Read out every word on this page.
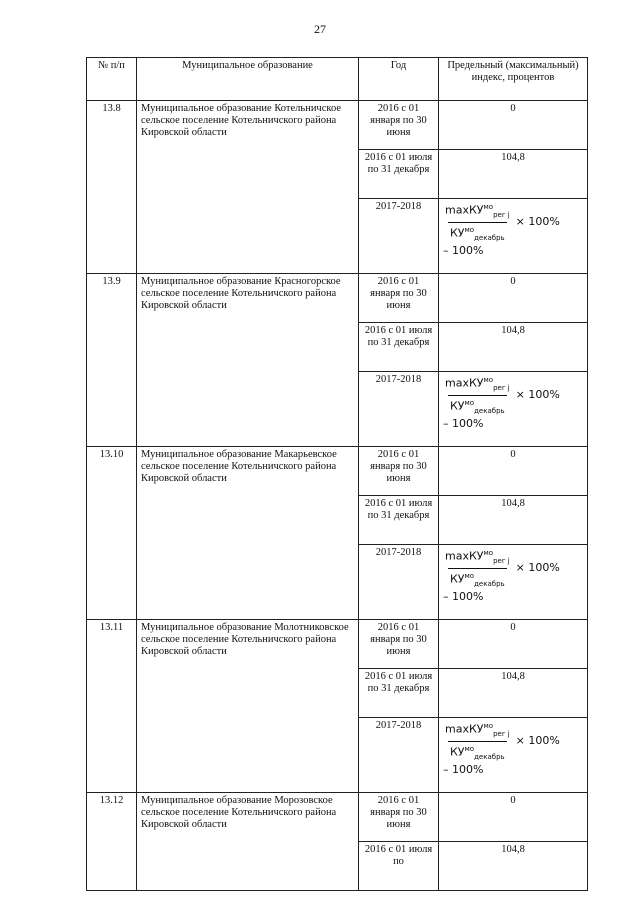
27
№ п/п	Муниципальное образование	Год	Предельный (максимальный) индекс, процентов
13.8	Муниципальное образование Котельничское сельское поселение Котельничского района Кировской области	2016 с 01 января по 30 июня	0
		2016 с 01 июля по 31 декабря	104,8
		2017-2018	$\frac{\max КУ^{мо}_{рег j}}{КУ^{мо}_{декабрь}} \times 100\%$
– 100%

13.9	Муниципальное образование Красногорское сельское поселение Котельничского района Кировской области	2016 с 01 января по 30 июня	0
		2016 с 01 июля по 31 декабря	104,8
		2017-2018	$\frac{\max КУ^{мо}_{рег j}}{КУ^{мо}_{декабрь}} \times 100\%$
– 100%

13.10	Муниципальное образование Макарьевское сельское поселение Котельничского района Кировской области	2016 с 01 января по 30 июня	0
		2016 с 01 июля по 31 декабря	104,8
		2017-2018	$\frac{\max КУ^{мо}_{рег j}}{КУ^{мо}_{декабрь}} \times 100\%$
– 100%

13.11	Муниципальное образование Молотниковское сельское поселение Котельничского района Кировской области	2016 с 01 января по 30 июня	0
		2016 с 01 июля по 31 декабря	104,8
		2017-2018	$\frac{\max КУ^{мо}_{рег j}}{КУ^{мо}_{декабрь}} \times 100\%$
– 100%

13.12	Муниципальное образование Морозовское сельское поселение Котельничского района Кировской области	2016 с 01 января по 30 июня	0
		2016 с 01 июля по	104,8
